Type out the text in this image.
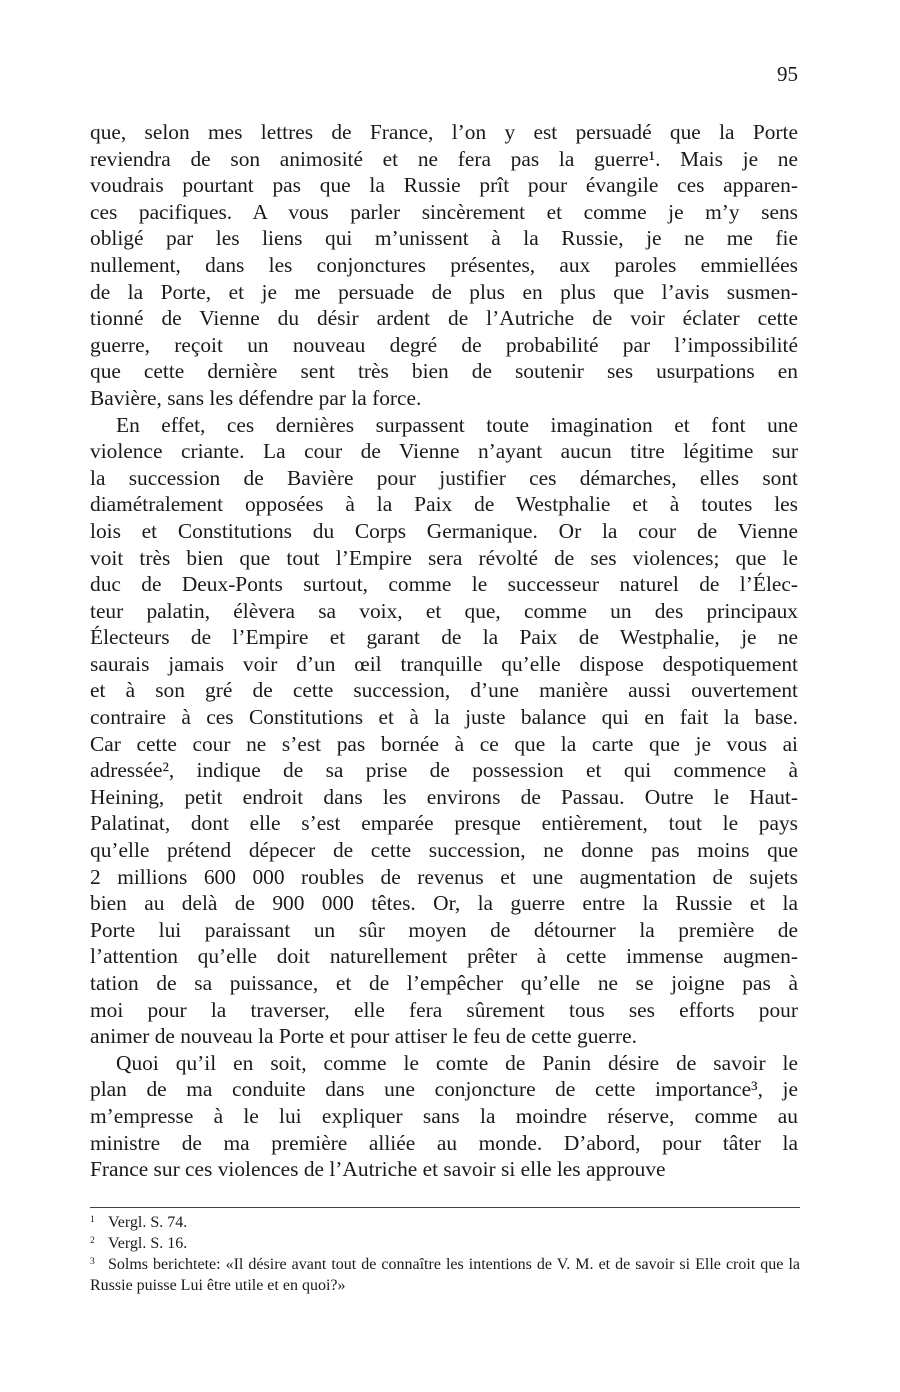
95

que, selon mes lettres de France, l’on y est persuadé que la Porte

reviendra de son animosité et ne fera pas la guerre¹. Mais je ne

voudrais pourtant pas que la Russie prît pour évangile ces apparen-

ces pacifiques. A vous parler sincèrement et comme je m’y sens

obligé par les liens qui m’unissent à la Russie, je ne me fie

nullement, dans les conjonctures présentes, aux paroles emmiellées

de la Porte, et je me persuade de plus en plus que l’avis susmen-

tionné de Vienne du désir ardent de l’Autriche de voir éclater cette

guerre, reçoit un nouveau degré de probabilité par l’impossibilité

que cette dernière sent très bien de soutenir ses usurpations en

Bavière, sans les défendre par la force.

En effet, ces dernières surpassent toute imagination et font une

violence criante. La cour de Vienne n’ayant aucun titre légitime sur

la succession de Bavière pour justifier ces démarches, elles sont

diamétralement opposées à la Paix de Westphalie et à toutes les

lois et Constitutions du Corps Germanique. Or la cour de Vienne

voit très bien que tout l’Empire sera révolté de ses violences; que le

duc de Deux-Ponts surtout, comme le successeur naturel de l’Élec-

teur palatin, élèvera sa voix, et que, comme un des principaux

Électeurs de l’Empire et garant de la Paix de Westphalie, je ne

saurais jamais voir d’un œil tranquille qu’elle dispose despotiquement

et à son gré de cette succession, d’une manière aussi ouvertement

contraire à ces Constitutions et à la juste balance qui en fait la base.

Car cette cour ne s’est pas bornée à ce que la carte que je vous ai

adressée², indique de sa prise de possession et qui commence à

Heining, petit endroit dans les environs de Passau. Outre le Haut-

Palatinat, dont elle s’est emparée presque entièrement, tout le pays

qu’elle prétend dépecer de cette succession, ne donne pas moins que

2 millions 600 000 roubles de revenus et une augmentation de sujets

bien au delà de 900 000 têtes. Or, la guerre entre la Russie et la

Porte lui paraissant un sûr moyen de détourner la première de

l’attention qu’elle doit naturellement prêter à cette immense augmen-

tation de sa puissance, et de l’empêcher qu’elle ne se joigne pas à

moi pour la traverser, elle fera sûrement tous ses efforts pour

animer de nouveau la Porte et pour attiser le feu de cette guerre.

Quoi qu’il en soit, comme le comte de Panin désire de savoir le

plan de ma conduite dans une conjoncture de cette importance³, je

m’empresse à le lui expliquer sans la moindre réserve, comme au

ministre de ma première alliée au monde. D’abord, pour tâter la

France sur ces violences de l’Autriche et savoir si elle les approuve

$^1$ Vergl. S. 74.

$^2$ Vergl. S. 16.

$^3$ Solms berichtete: «Il désire avant tout de connaître les intentions de V. M. et de savoir si Elle croit que la Russie puisse Lui être utile et en quoi?»
